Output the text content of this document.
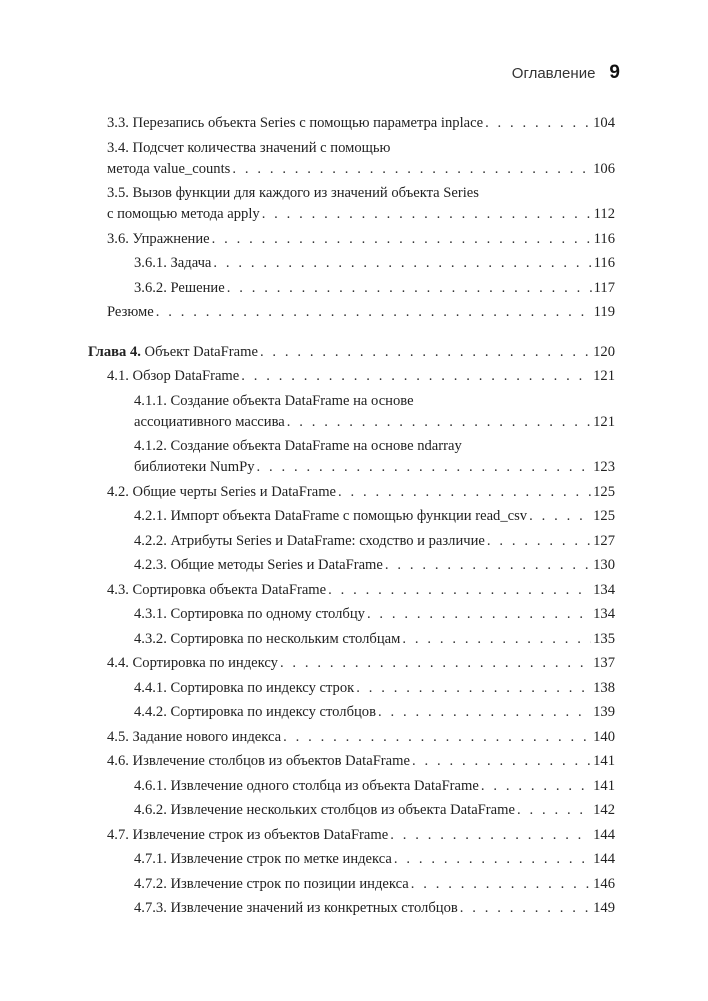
Оглавление 9
3.3. Перезапись объекта Series с помощью параметра inplace . . .	104
3.4. Подсчет количества значений с помощью
метода value_counts . . .	106
3.5. Вызов функции для каждого из значений объекта Series
с помощью метода apply . . .	112
3.6. Упражнение . . .	116
3.6.1. Задача . . .	116
3.6.2. Решение . . .	117
Резюме . . .	119
Глава 4. Объект DataFrame . . .	120
4.1. Обзор DataFrame . . .	121
4.1.1. Создание объекта DataFrame на основе
ассоциативного массива . . .	121
4.1.2. Создание объекта DataFrame на основе ndarray
библиотеки NumPy . . .	123
4.2. Общие черты Series и DataFrame . . .	125
4.2.1. Импорт объекта DataFrame с помощью функции read_csv . . .	125
4.2.2. Атрибуты Series и DataFrame: сходство и различие . . .	127
4.2.3. Общие методы Series и DataFrame . . .	130
4.3. Сортировка объекта DataFrame . . .	134
4.3.1. Сортировка по одному столбцу . . .	134
4.3.2. Сортировка по нескольким столбцам . . .	135
4.4. Сортировка по индексу . . .	137
4.4.1. Сортировка по индексу строк . . .	138
4.4.2. Сортировка по индексу столбцов . . .	139
4.5. Задание нового индекса . . .	140
4.6. Извлечение столбцов из объектов DataFrame . . .	141
4.6.1. Извлечение одного столбца из объекта DataFrame . . .	141
4.6.2. Извлечение нескольких столбцов из объекта DataFrame . . .	142
4.7. Извлечение строк из объектов DataFrame . . .	144
4.7.1. Извлечение строк по метке индекса . . .	144
4.7.2. Извлечение строк по позиции индекса . . .	146
4.7.3. Извлечение значений из конкретных столбцов . . .	149
